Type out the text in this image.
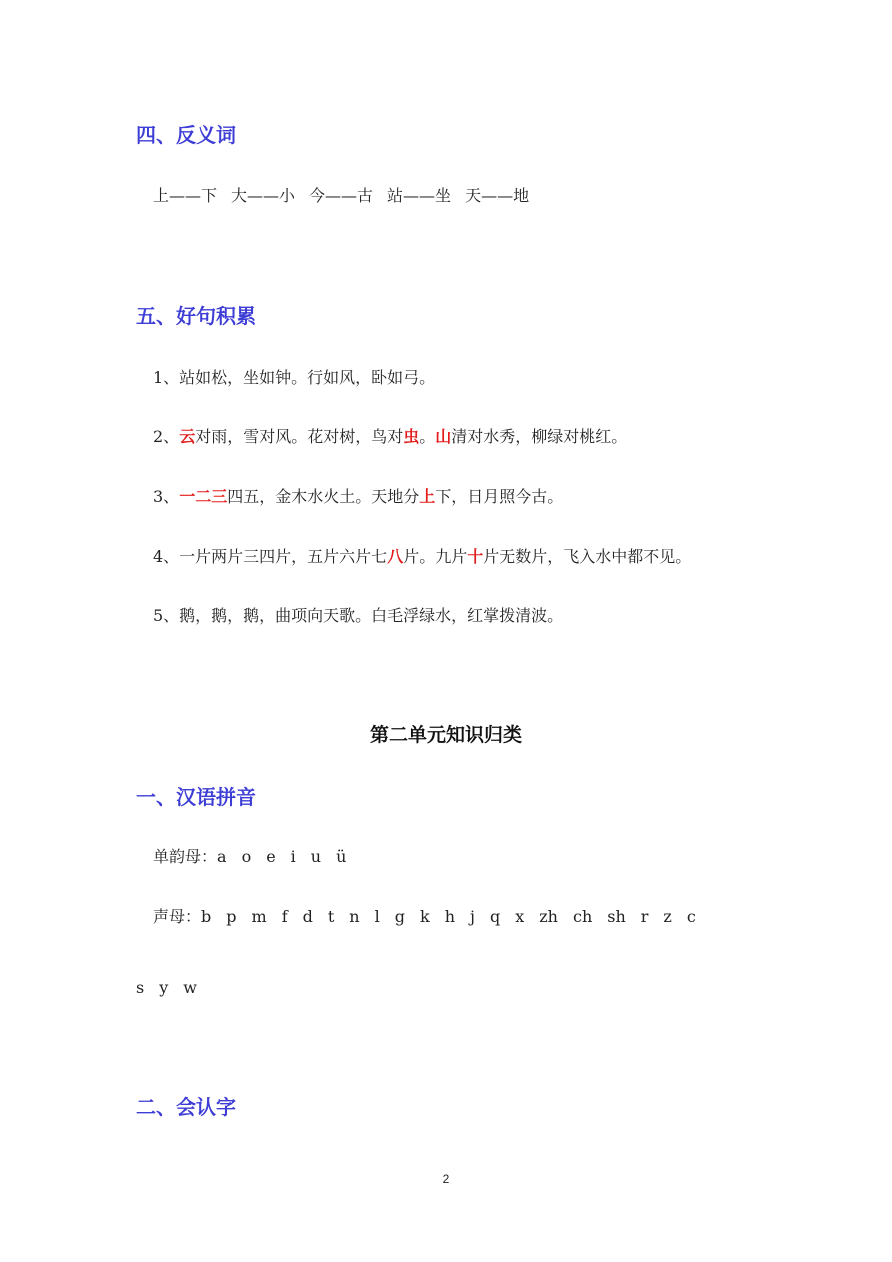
四、反义词
上——下 大——小 今——古 站——坐 天——地
五、好句积累
1、站如松，坐如钟。行如风，卧如弓。
2、云对雨，雪对风。花对树，鸟对虫。山清对水秀，柳绿对桃红。
3、一二三四五，金木水火土。天地分上下，日月照今古。
4、一片两片三四片，五片六片七八片。九片十片无数片，飞入水中都不见。
5、鹅，鹅，鹅，曲项向天歌。白毛浮绿水，红掌拨清波。
第二单元知识归类
一、汉语拼音
单韵母：a o e i u ü
声母：b p m f d t n l g k h j q x zh ch sh r z c
s y w
二、会认字
2
